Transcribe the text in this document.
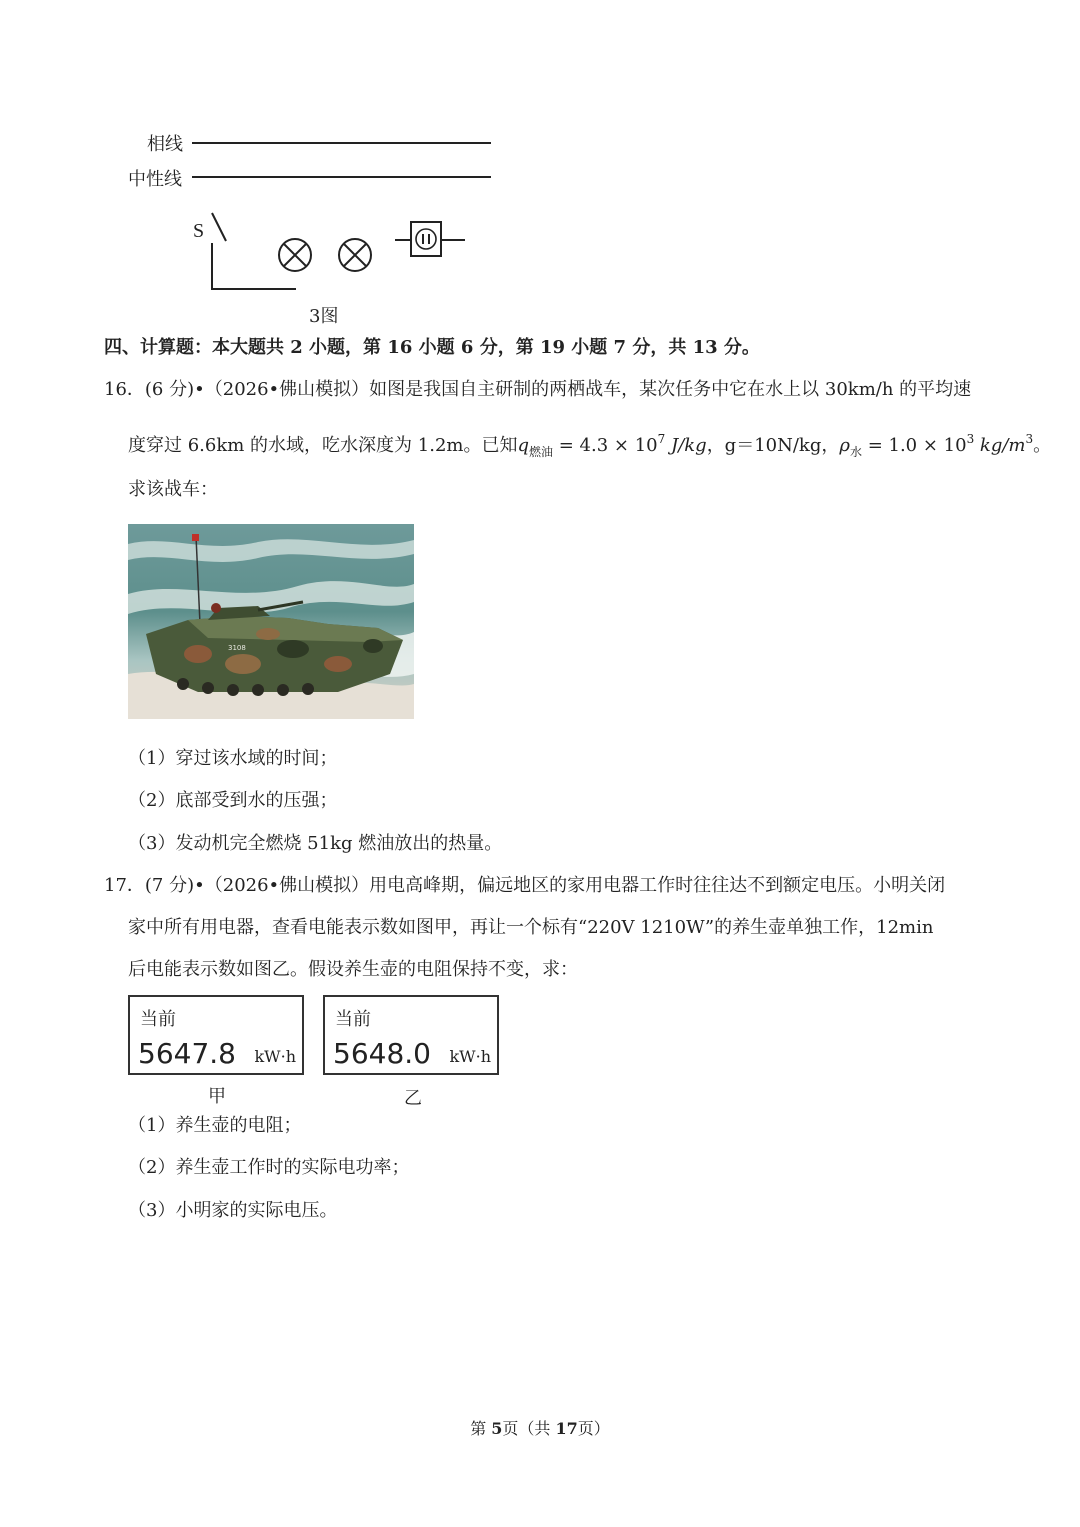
相线
中性线
S
3图
四、计算题：本大题共 2 小题，第 16 小题 6 分，第 19 小题 7 分，共 13 分。
16．(6 分)•（2026•佛山模拟）如图是我国自主研制的两栖战车，某次任务中它在水上以 30km/h 的平均速
度穿过 6.6km 的水域，吃水深度为 1.2m。已知$q_{燃油} = 4.3 \times 10^7$ J/kg，g＝10N/kg，$\rho_水 = 1.0 \times 10^3$ $kg/m^3$。
求该战车：
3108
（1）穿过该水域的时间；
（2）底部受到水的压强；
（3）发动机完全燃烧 51kg 燃油放出的热量。
17．(7 分)•（2026•佛山模拟）用电高峰期，偏远地区的家用电器工作时往往达不到额定电压。小明关闭
家中所有用电器，查看电能表示数如图甲，再让一个标有“220V 1210W”的养生壶单独工作，12min
后电能表示数如图乙。假设养生壶的电阻保持不变，求：
当前
5647.8 kW·h
甲
当前
5648.0 kW·h
乙
（1）养生壶的电阻；
（2）养生壶工作时的实际电功率；
（3）小明家的实际电压。
第 5页（共 17页）
